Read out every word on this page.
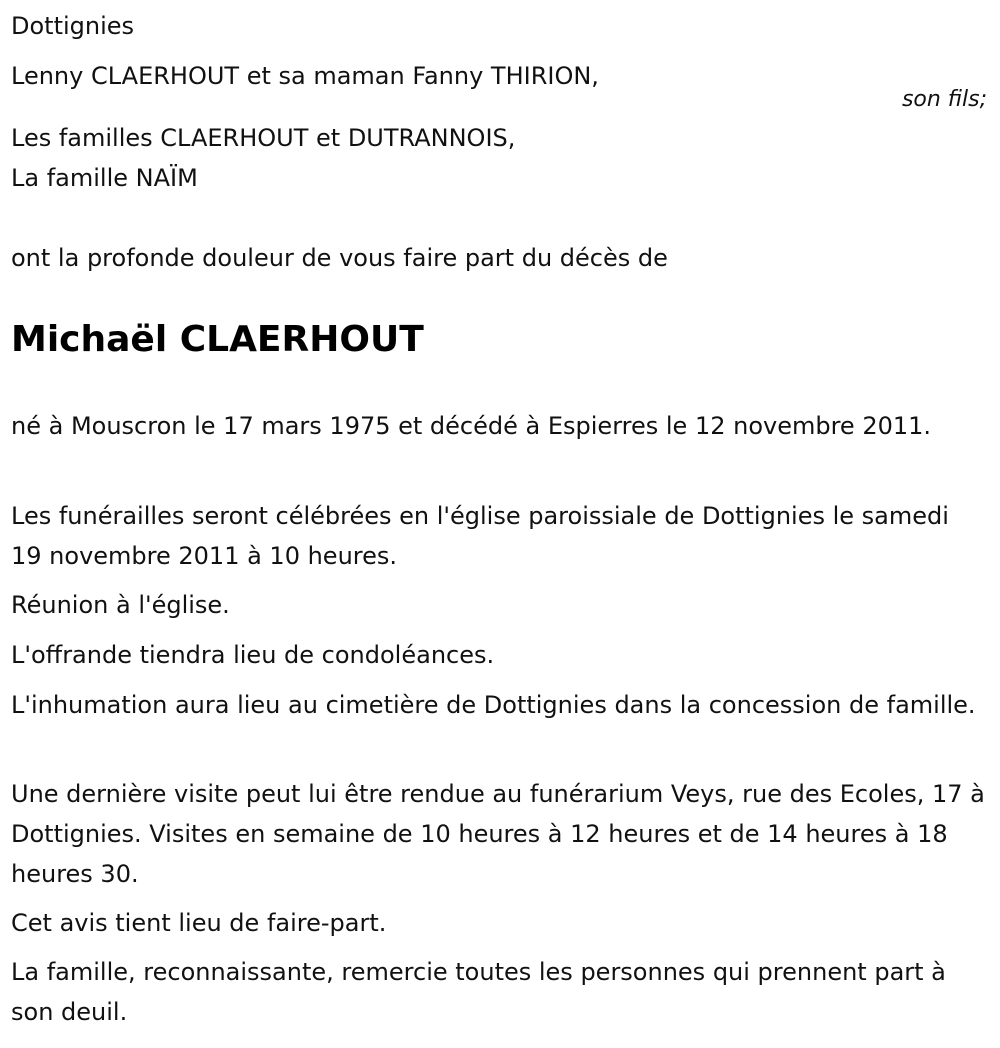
Dottignies
Lenny CLAERHOUT et sa maman Fanny THIRION,
son fils;
Les familles CLAERHOUT et DUTRANNOIS,
La famille NAÏM
ont la profonde douleur de vous faire part du décès de
Michaël CLAERHOUT
né à Mouscron le 17 mars 1975 et décédé à Espierres le 12 novembre 2011.
Les funérailles seront célébrées en l'église paroissiale de Dottignies le samedi 19 novembre 2011 à 10 heures.
Réunion à l'église.
L'offrande tiendra lieu de condoléances.
L'inhumation aura lieu au cimetière de Dottignies dans la concession de famille.
Une dernière visite peut lui être rendue au funérarium Veys, rue des Ecoles, 17 à Dottignies. Visites en semaine de 10 heures à 12 heures et de 14 heures à 18 heures 30.
Cet avis tient lieu de faire-part.
La famille, reconnaissante, remercie toutes les personnes qui prennent part à son deuil.
